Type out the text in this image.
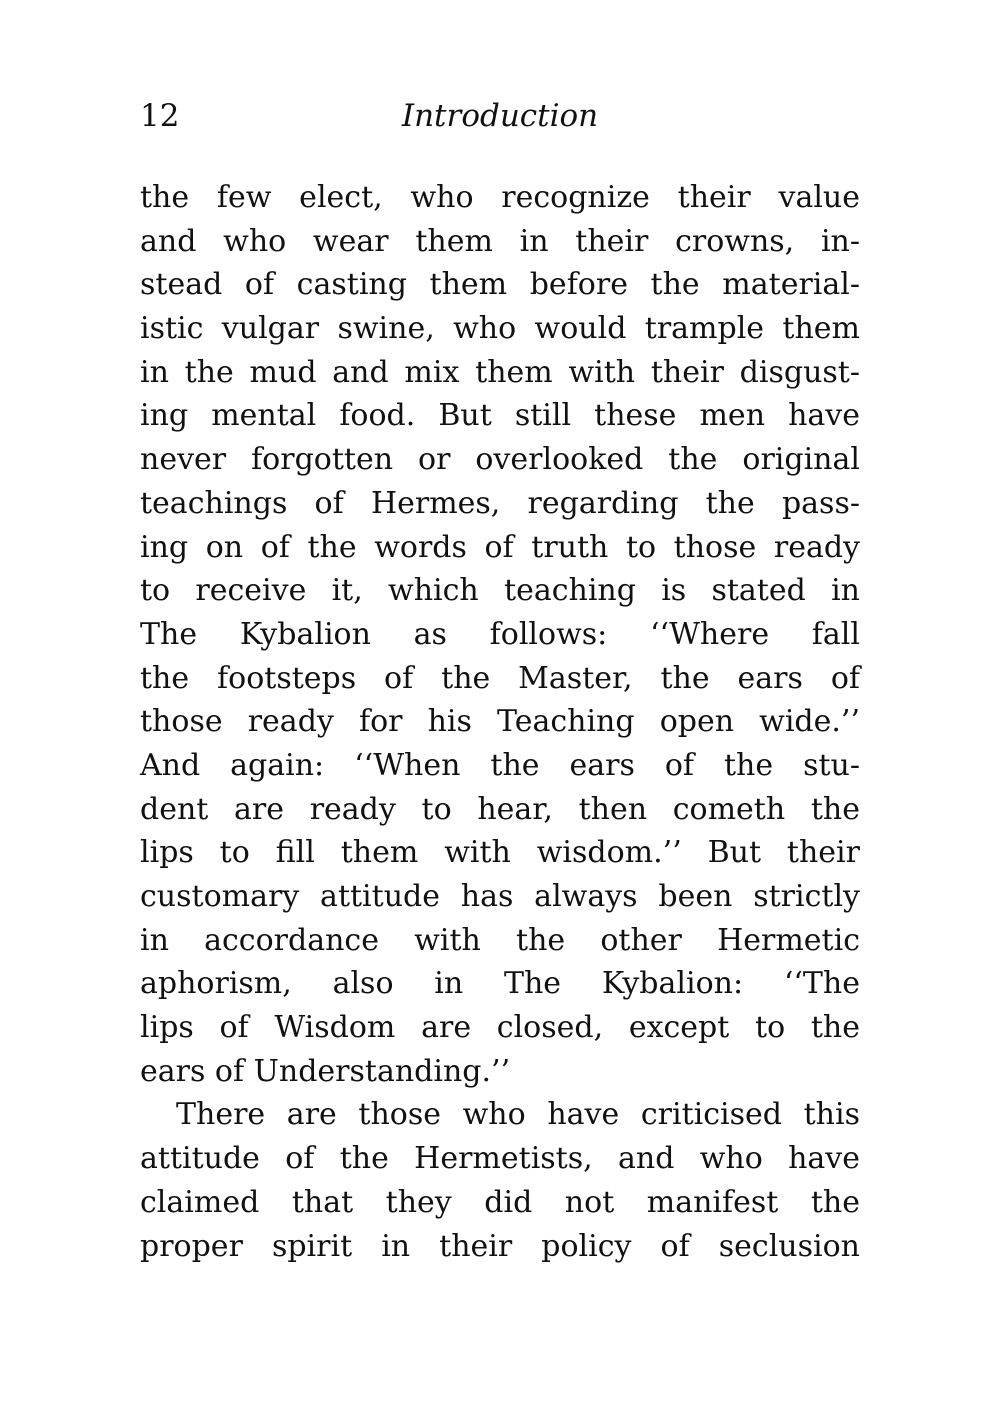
12	Introduction
the few elect, who recognize their value
and who wear them in their crowns, in-
stead of casting them before the material-
istic vulgar swine, who would trample them
in the mud and mix them with their disgust-
ing mental food. But still these men have
never forgotten or overlooked the original
teachings of Hermes, regarding the pass-
ing on of the words of truth to those ready
to receive it, which teaching is stated in
The Kybalion as follows: ‘‘Where fall
the footsteps of the Master, the ears of
those ready for his Teaching open wide.’’
And again: ‘‘When the ears of the stu-
dent are ready to hear, then cometh the
lips to fill them with wisdom.’’ But their
customary attitude has always been strictly
in accordance with the other Hermetic
aphorism, also in The Kybalion: ‘‘The
lips of Wisdom are closed, except to the
ears of Understanding.’’
There are those who have criticised this
attitude of the Hermetists, and who have
claimed that they did not manifest the
proper spirit in their policy of seclusion
